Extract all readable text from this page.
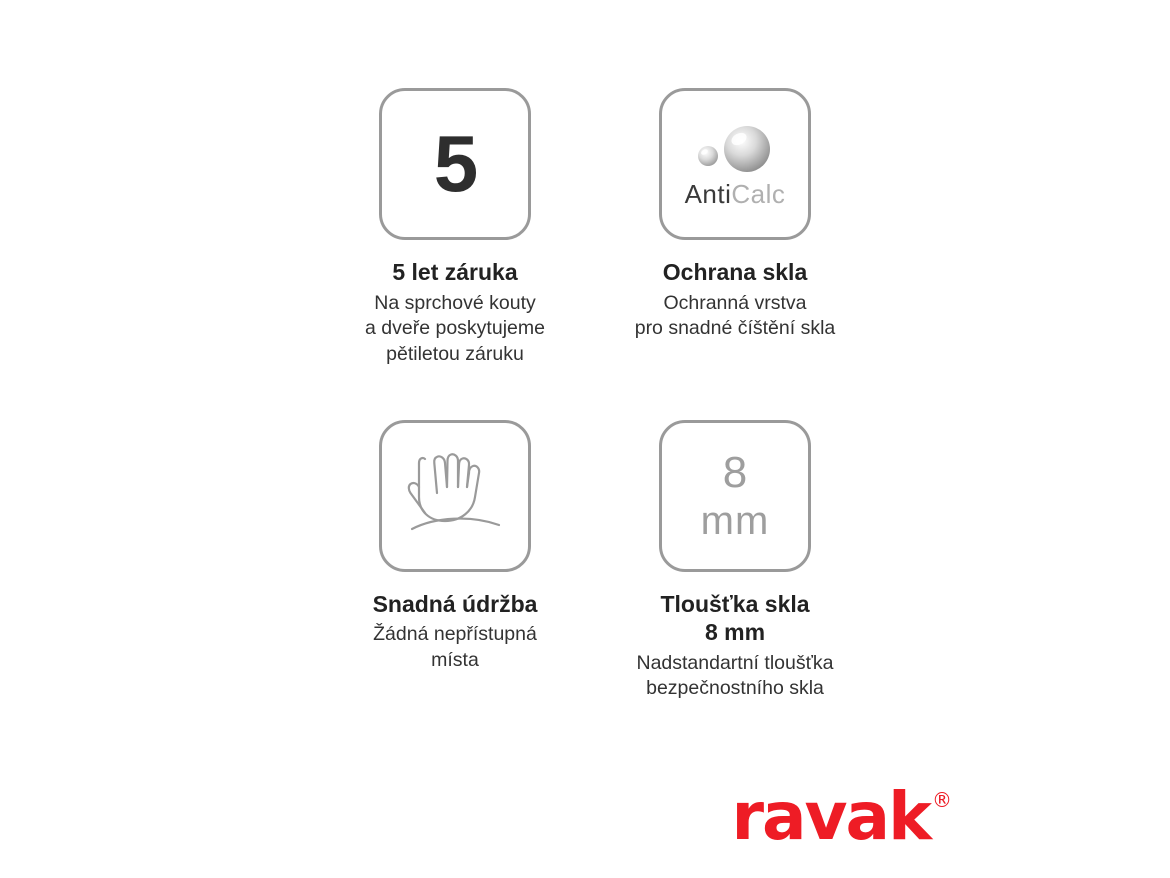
5
5 let záruka
Na sprchové kouty
a dveře poskytujeme
pětiletou záruku
AntiCalc
Ochrana skla
Ochranná vrstva
pro snadné číštění skla
Snadná údržba
Žádná nepřístupná
místa
8
mm
Tloušťka skla
8 mm
Nadstandartní tloušťka
bezpečnostního skla
ravak ®
